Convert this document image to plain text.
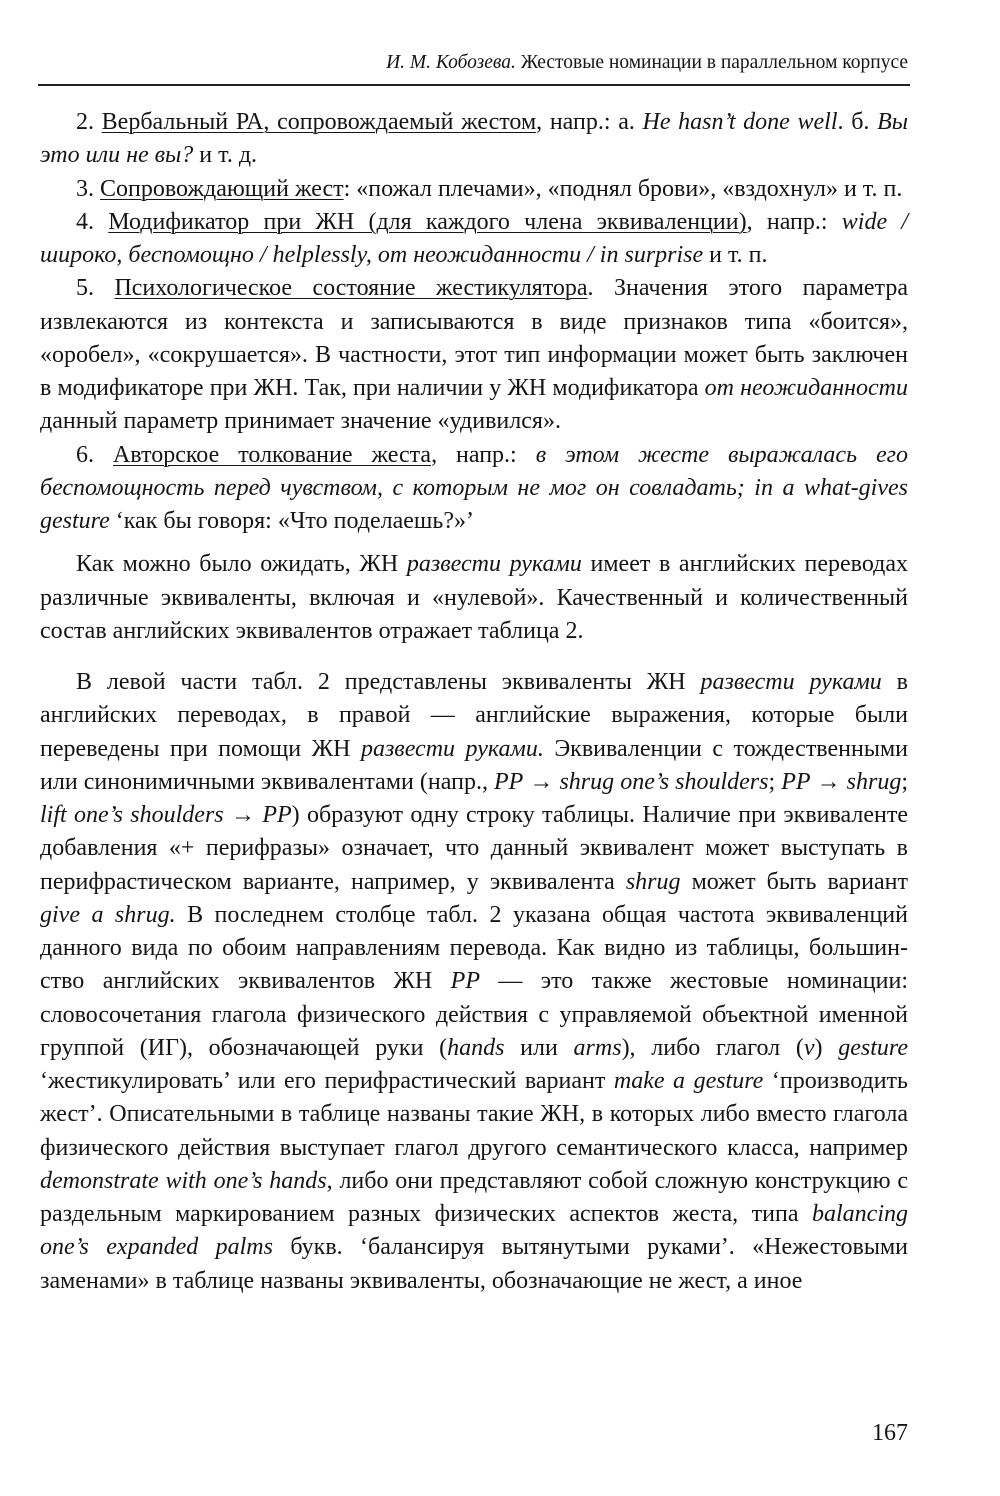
И. М. Кобозева. Жестовые номинации в параллельном корпусе

2. Вербальный РА, сопровождаемый жестом, напр.: а. He hasn’t done well. б. Вы это или не вы? и т. д.

3. Сопровождающий жест: «пожал плечами», «поднял брови», «вздохнул» и т. п.

4. Модификатор при ЖН (для каждого члена эквиваленции), напр.: wide / широко, беспомощно / helplessly, от неожиданности / in surprise и т. п.

5. Психологическое состояние жестикулятора. Значения этого параметра извлекаются из контекста и записываются в виде признаков типа «боится», «оробел», «сокрушается». В частности, этот тип информации может быть заключен в модификаторе при ЖН. Так, при наличии у ЖН модификатора от неожиданности данный параметр принимает значение «удивился».

6. Авторское толкование жеста, напр.: в этом жесте выражалась его беспомощность перед чувством, с которым не мог он совладать; in a what-gives gesture ‘как бы говоря: «Что поделаешь?»’

Как можно было ожидать, ЖН развести руками имеет в английских переводах различные эквиваленты, включая и «нулевой». Качественный и количественный состав английских эквивалентов отражает таблица 2.

В левой части табл. 2 представлены эквиваленты ЖН развести руками в английских переводах, в правой — английские выражения, которые были переведены при помощи ЖН развести руками. Эквиваленции с тождественными или синонимичными эквивалентами (напр., РР → shrug one’s shoulders; РР → shrug; lift one’s shoulders → РР) образуют одну строку таблицы. Наличие при эквиваленте добавления «+ перифразы» означает, что данный эквивалент может выступать в перифрастическом варианте, например, у эквивалента shrug может быть вариант give a shrug. В последнем столбце табл. 2 указана общая частота эквиваленций данного вида по обоим направлениям перевода. Как видно из таблицы, большинство английских эквивалентов ЖН РР — это также жестовые номинации: словосочетания глагола физического действия с управляемой объектной именной группой (ИГ), обозначающей руки (hands или arms), либо глагол (v) gesture ‘жестикулировать’ или его перифрастический вариант make a gesture ‘производить жест’. Описательными в таблице названы такие ЖН, в которых либо вместо глагола физического действия выступает глагол другого семантического класса, например demonstrate with one’s hands, либо они представляют собой сложную конструкцию с раздельным маркированием разных физических аспектов жеста, типа balancing one’s expanded palms букв. ‘балансируя вытянутыми руками’. «Нежестовыми заменами» в таблице названы эквиваленты, обозначающие не жест, а иное

167
